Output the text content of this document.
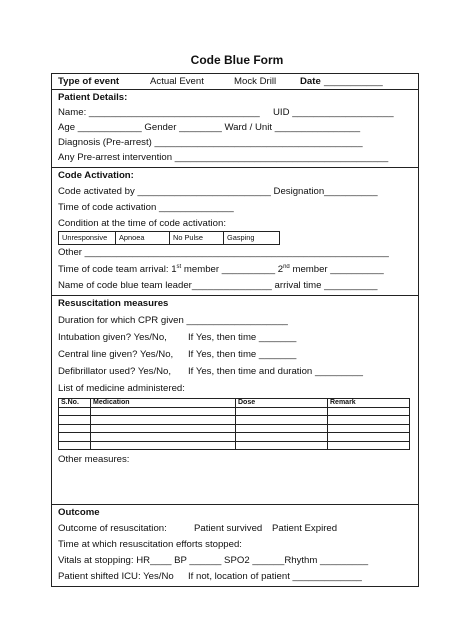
Code Blue Form
Type of event	Actual Event	Mock Drill Date ___________
Patient Details:
Name: ________________________________ UID ___________________
Age ____________ Gender ________ Ward / Unit ________________
Diagnosis (Pre-arrest) _______________________________________
Any Pre-arrest intervention ________________________________________
Code Activation:
Code activated by _________________________ Designation__________
Time of code activation ______________
Condition at the time of code activation:
Unresponsive	Apnoea	No Pulse	Gasping
Other _________________________________________________________
Time of code team arrival: 1st member __________ 2nd member __________
Name of code blue team leader_______________ arrival time __________
Resuscitation measures
Duration for which CPR given ___________________
Intubation given? Yes/No, If Yes, then time _______
Central line given? Yes/No, If Yes, then time _______
Defibrillator used? Yes/No, If Yes, then time and duration _________
List of medicine administered:
S.No.	Medication	Dose	Remark

Other measures:
Outcome
Outcome of resuscitation:	Patient survived Patient Expired
Time at which resuscitation efforts stopped:
Vitals at stopping: HR____ BP ______ SPO2 ______Rhythm _________
Patient shifted ICU: Yes/No If not, location of patient _____________
